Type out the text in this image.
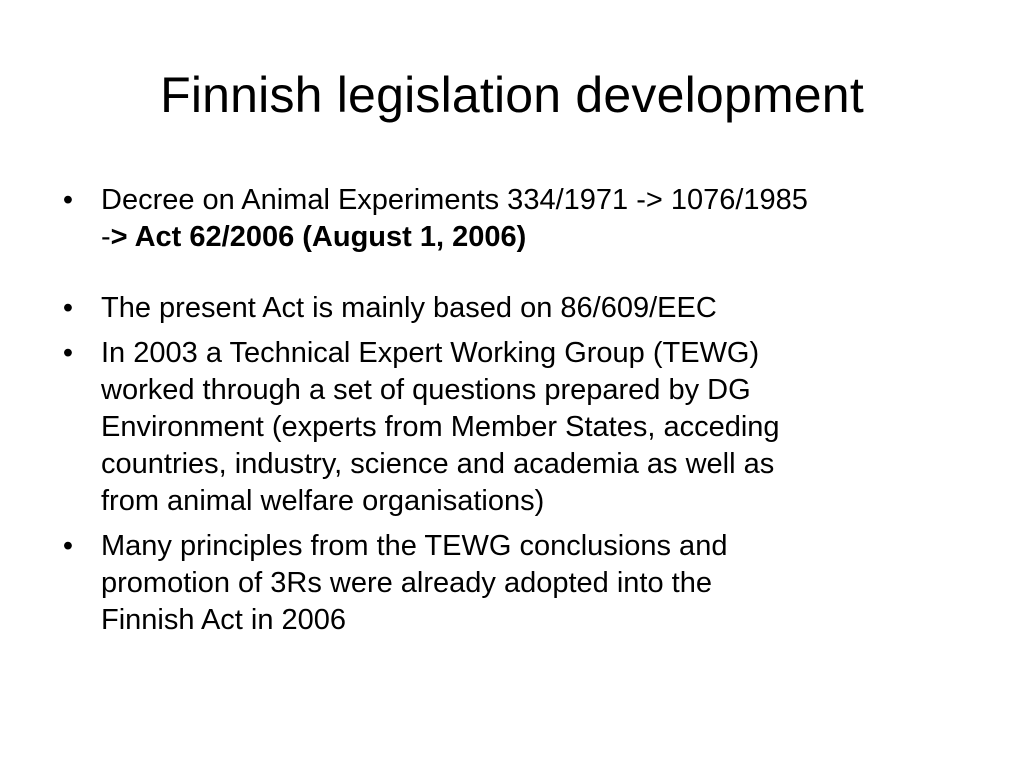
Finnish legislation development
• Decree on Animal Experiments 334/1971 -> 1076/1985
-> Act 62/2006 (August 1, 2006)
• The present Act is mainly based on 86/609/EEC
• In 2003 a Technical Expert Working Group (TEWG)
worked through a set of questions prepared by DG
Environment (experts from Member States, acceding
countries, industry, science and academia as well as
from animal welfare organisations)
• Many principles from the TEWG conclusions and
promotion of 3Rs were already adopted into the
Finnish Act in 2006
